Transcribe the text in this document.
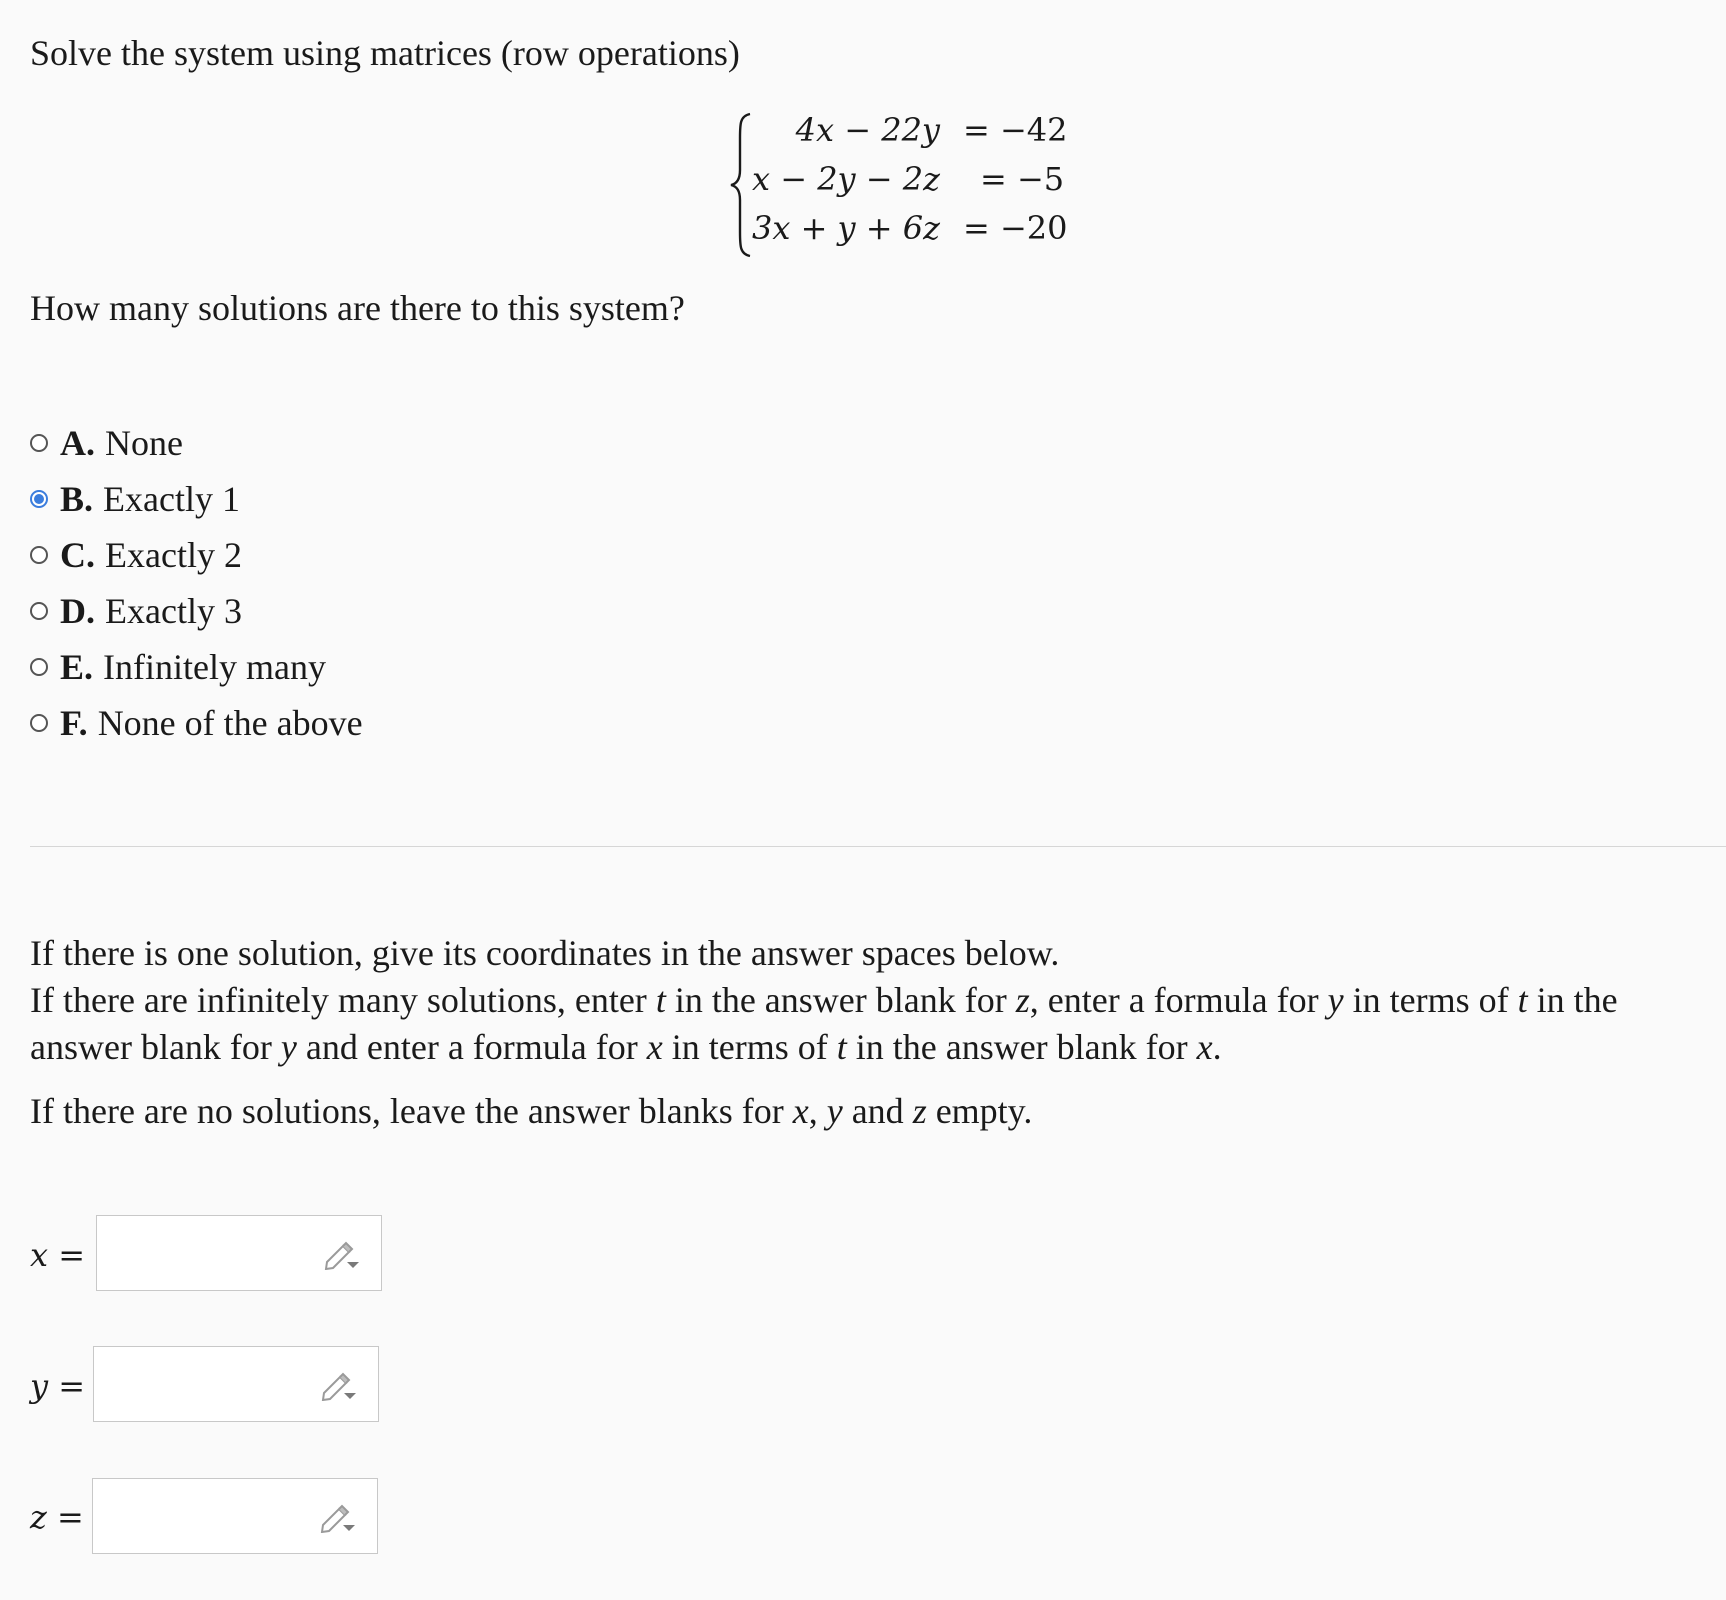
Solve the system using matrices (row operations)
4x − 22y = −42
x − 2y − 2z = −5
3x + y + 6z = −20
How many solutions are there to this system?
A. None
B. Exactly 1
C. Exactly 2
D. Exactly 3
E. Infinitely many
F. None of the above

If there is one solution, give its coordinates in the answer spaces below.

If there are infinitely many solutions, enter t in the answer blank for z, enter a formula for y in terms of t in the answer blank for y and enter a formula for x in terms of t in the answer blank for x.

If there are no solutions, leave the answer blanks for x, y and z empty.

x =
y =
z =
